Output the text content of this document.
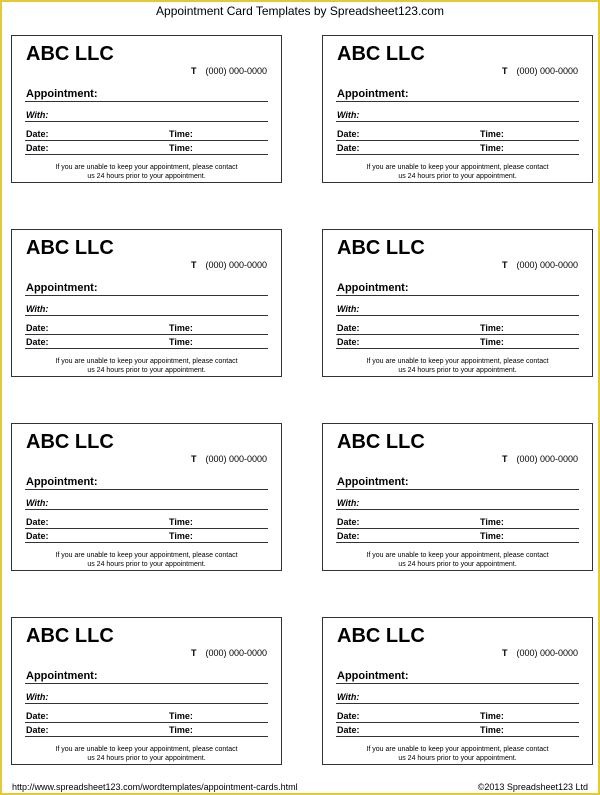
Appointment Card Templates by Spreadsheet123.com
ABC LLC
T (000) 000-0000
Appointment:
With:
Date:	Time:
Date:	Time:
If you are unable to keep your appointment, please contact
us 24 hours prior to your appointment.
ABC LLC
T (000) 000-0000
Appointment:
With:
Date:	Time:
Date:	Time:
If you are unable to keep your appointment, please contact
us 24 hours prior to your appointment.
ABC LLC
T (000) 000-0000
Appointment:
With:
Date:	Time:
Date:	Time:
If you are unable to keep your appointment, please contact
us 24 hours prior to your appointment.
ABC LLC
T (000) 000-0000
Appointment:
With:
Date:	Time:
Date:	Time:
If you are unable to keep your appointment, please contact
us 24 hours prior to your appointment.
ABC LLC
T (000) 000-0000
Appointment:
With:
Date:	Time:
Date:	Time:
If you are unable to keep your appointment, please contact
us 24 hours prior to your appointment.
ABC LLC
T (000) 000-0000
Appointment:
With:
Date:	Time:
Date:	Time:
If you are unable to keep your appointment, please contact
us 24 hours prior to your appointment.
ABC LLC
T (000) 000-0000
Appointment:
With:
Date:	Time:
Date:	Time:
If you are unable to keep your appointment, please contact
us 24 hours prior to your appointment.
ABC LLC
T (000) 000-0000
Appointment:
With:
Date:	Time:
Date:	Time:
If you are unable to keep your appointment, please contact
us 24 hours prior to your appointment.
http://www.spreadsheet123.com/wordtemplates/appointment-cards.html	©2013 Spreadsheet123 Ltd
